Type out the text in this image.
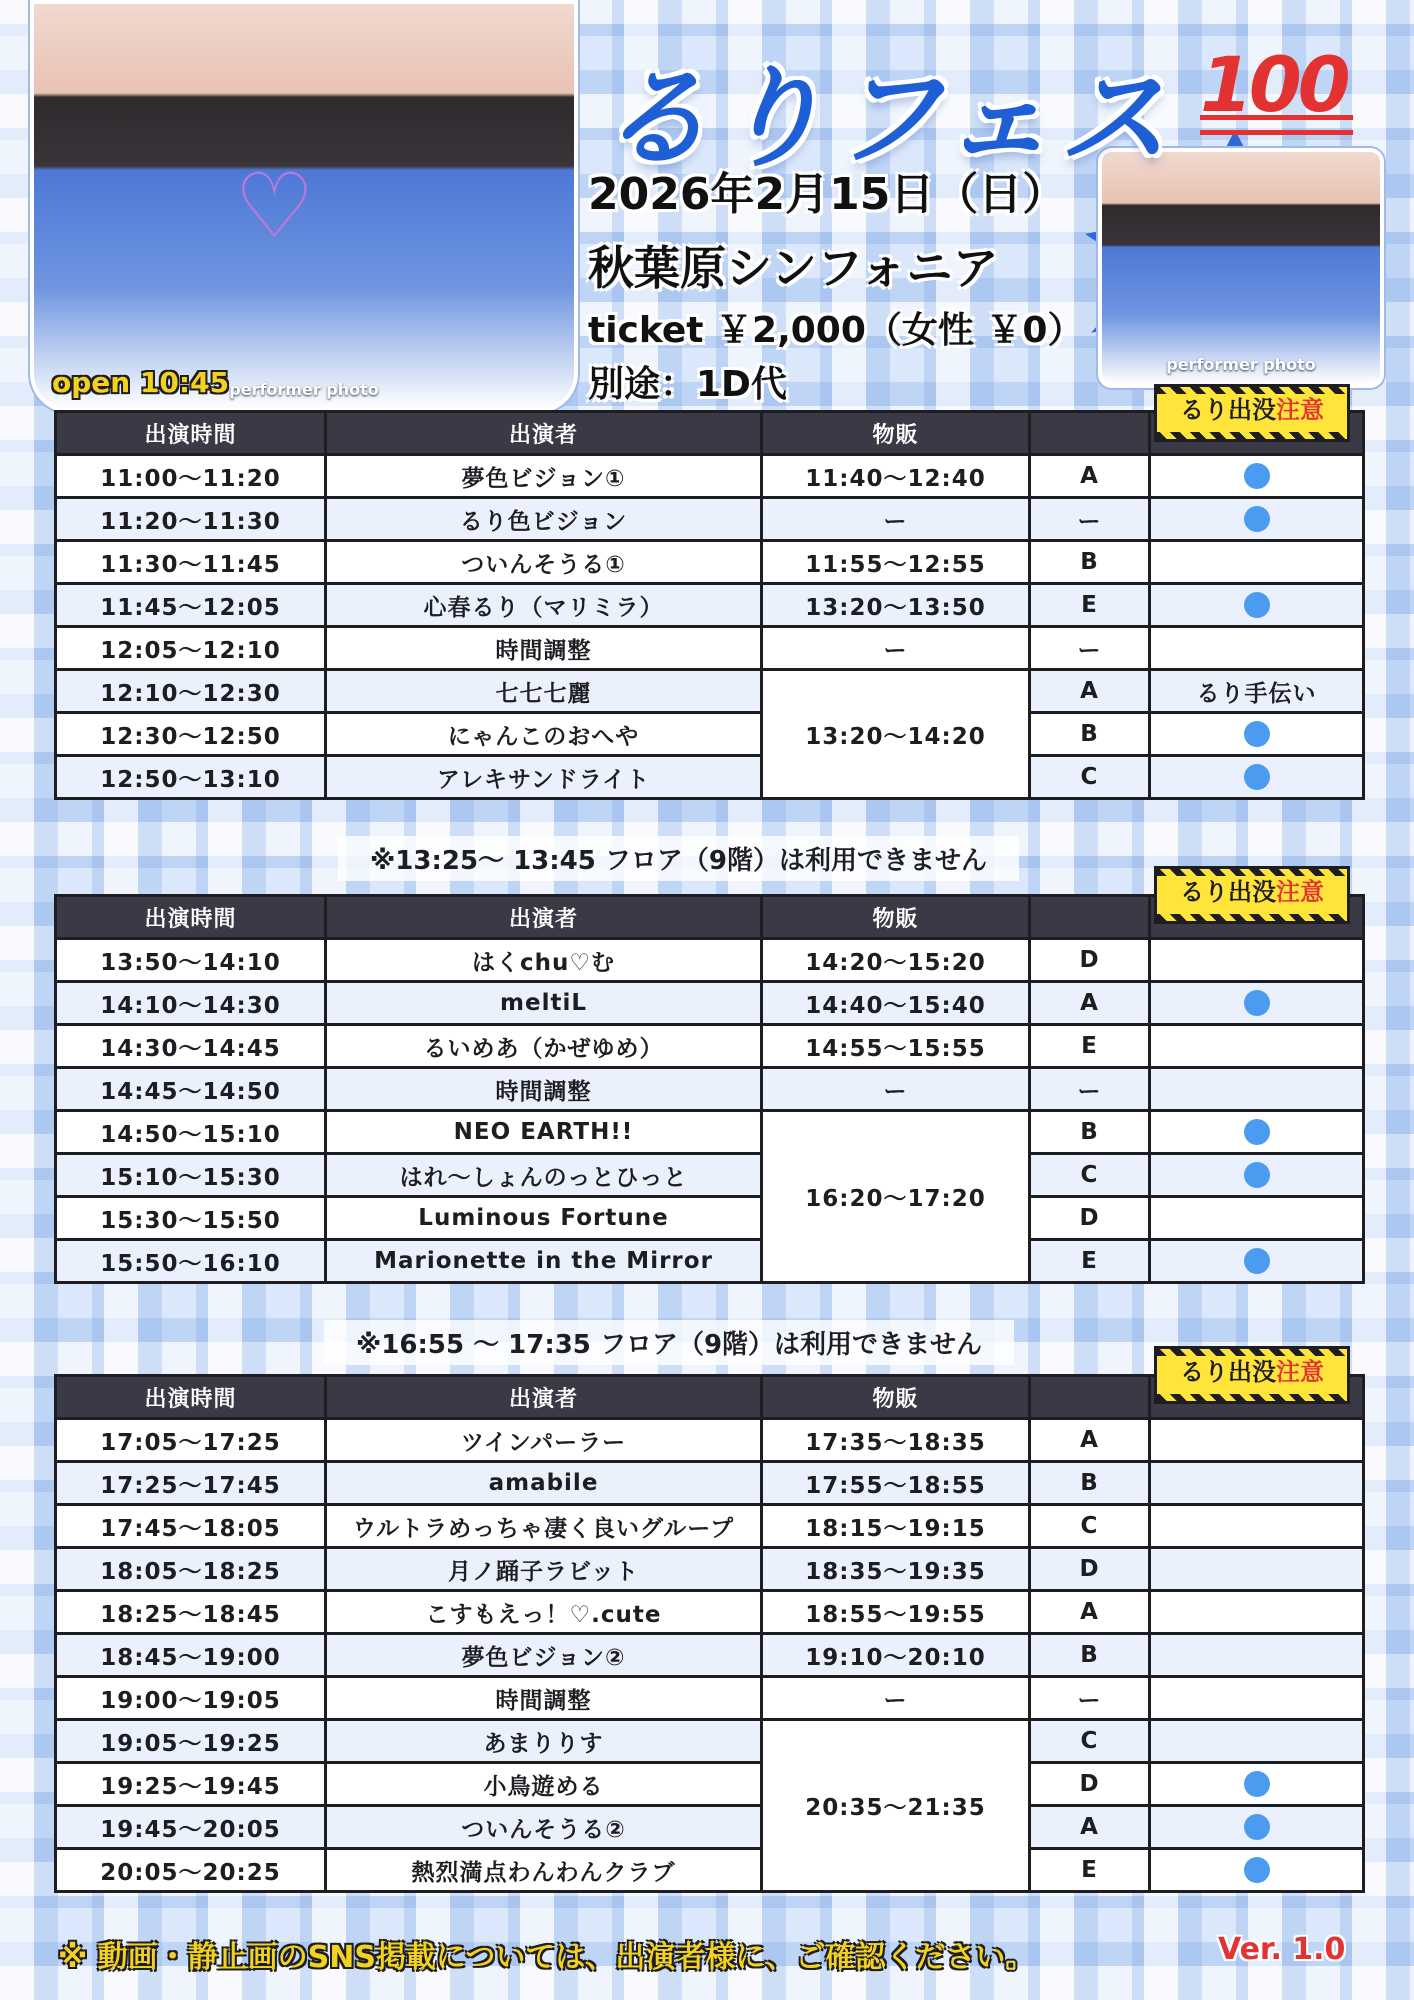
♡
performer photo
performer photo
るりフェス 100
2026年2月15日（日）
秋葉原シンフォニア
ticket ￥2,000（女性 ￥0）
別途：1D代
open 10:45
出演時間	出演者	物販		
11:00〜11:20	夢色ビジョン①	11:40〜12:40	A	
11:20〜11:30	るり色ビジョン	ー	ー	
11:30〜11:45	ついんそうる①	11:55〜12:55	B	
11:45〜12:05	心春るり（マリミラ）	13:20〜13:50	E	
12:05〜12:10	時間調整	ー	ー	
12:10〜12:30	七七七麗	13:20〜14:20	A	るり手伝い
12:30〜12:50	にゃんこのおへや		B	
12:50〜13:10	アレキサンドライト		C	
るり出没注意
※13:25〜 13:45 フロア（9階）は利用できません
出演時間	出演者	物販		
13:50〜14:10	はくchu♡む	14:20〜15:20	D	
14:10〜14:30	meltiL	14:40〜15:40	A	
14:30〜14:45	るいめあ（かぜゆめ）	14:55〜15:55	E	
14:45〜14:50	時間調整	ー	ー	
14:50〜15:10	NEO EARTH!!	16:20〜17:20	B	
15:10〜15:30	はれ〜しょんのっとひっと		C	
15:30〜15:50	Luminous Fortune		D	
15:50〜16:10	Marionette in the Mirror		E	
るり出没注意
※16:55 〜 17:35 フロア（9階）は利用できません
出演時間	出演者	物販		
17:05〜17:25	ツインパーラー	17:35〜18:35	A	
17:25〜17:45	amabile	17:55〜18:55	B	
17:45〜18:05	ウルトラめっちゃ凄く良いグループ	18:15〜19:15	C	
18:05〜18:25	月ノ踊子ラビット	18:35〜19:35	D	
18:25〜18:45	こすもえっ！♡.cute	18:55〜19:55	A	
18:45〜19:00	夢色ビジョン②	19:10〜20:10	B	
19:00〜19:05	時間調整	ー	ー	
19:05〜19:25	あまりりす	20:35〜21:35	C	
19:25〜19:45	小鳥遊める		D	
19:45〜20:05	ついんそうる②		A	
20:05〜20:25	熱烈満点わんわんクラブ		E	
るり出没注意
※ 動画・静止画のSNS掲載については、出演者様に、ご確認ください。	Ver. 1.0
